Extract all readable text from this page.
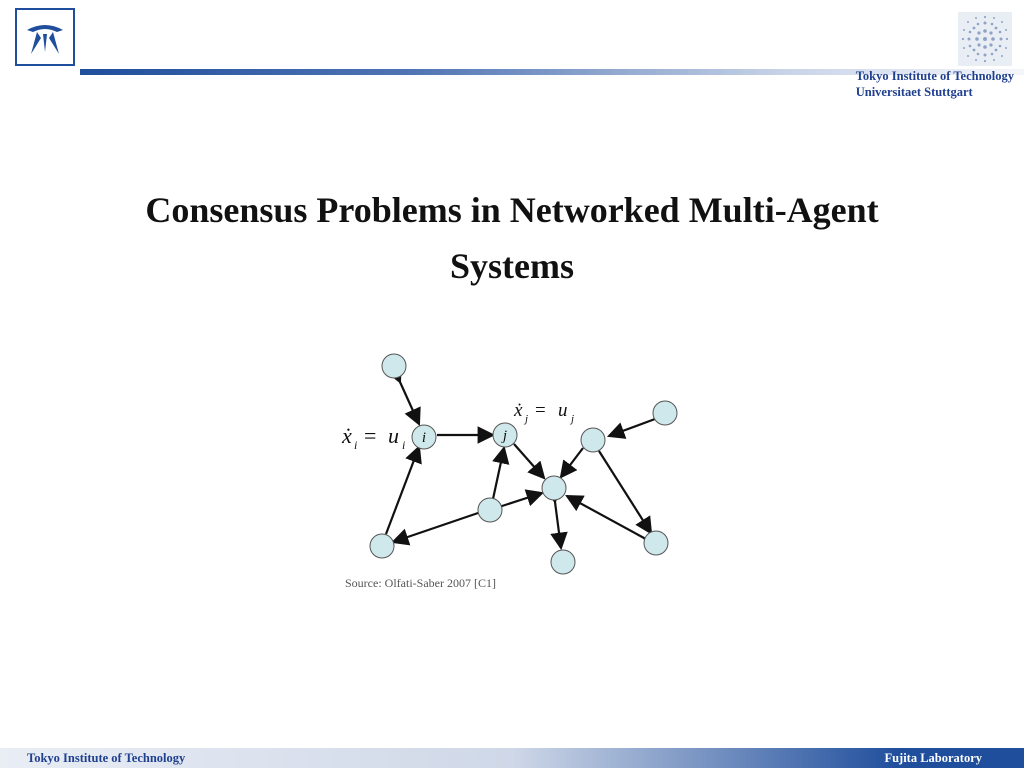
Tokyo Institute of Technology
Universitaet Stuttgart
Consensus Problems in Networked Multi-Agent
Systems
i	j
ẋ i = u i
ẋ j = u j
Source: Olfati-Saber 2007 [C1]
Tokyo Institute of Technology	Fujita Laboratory
